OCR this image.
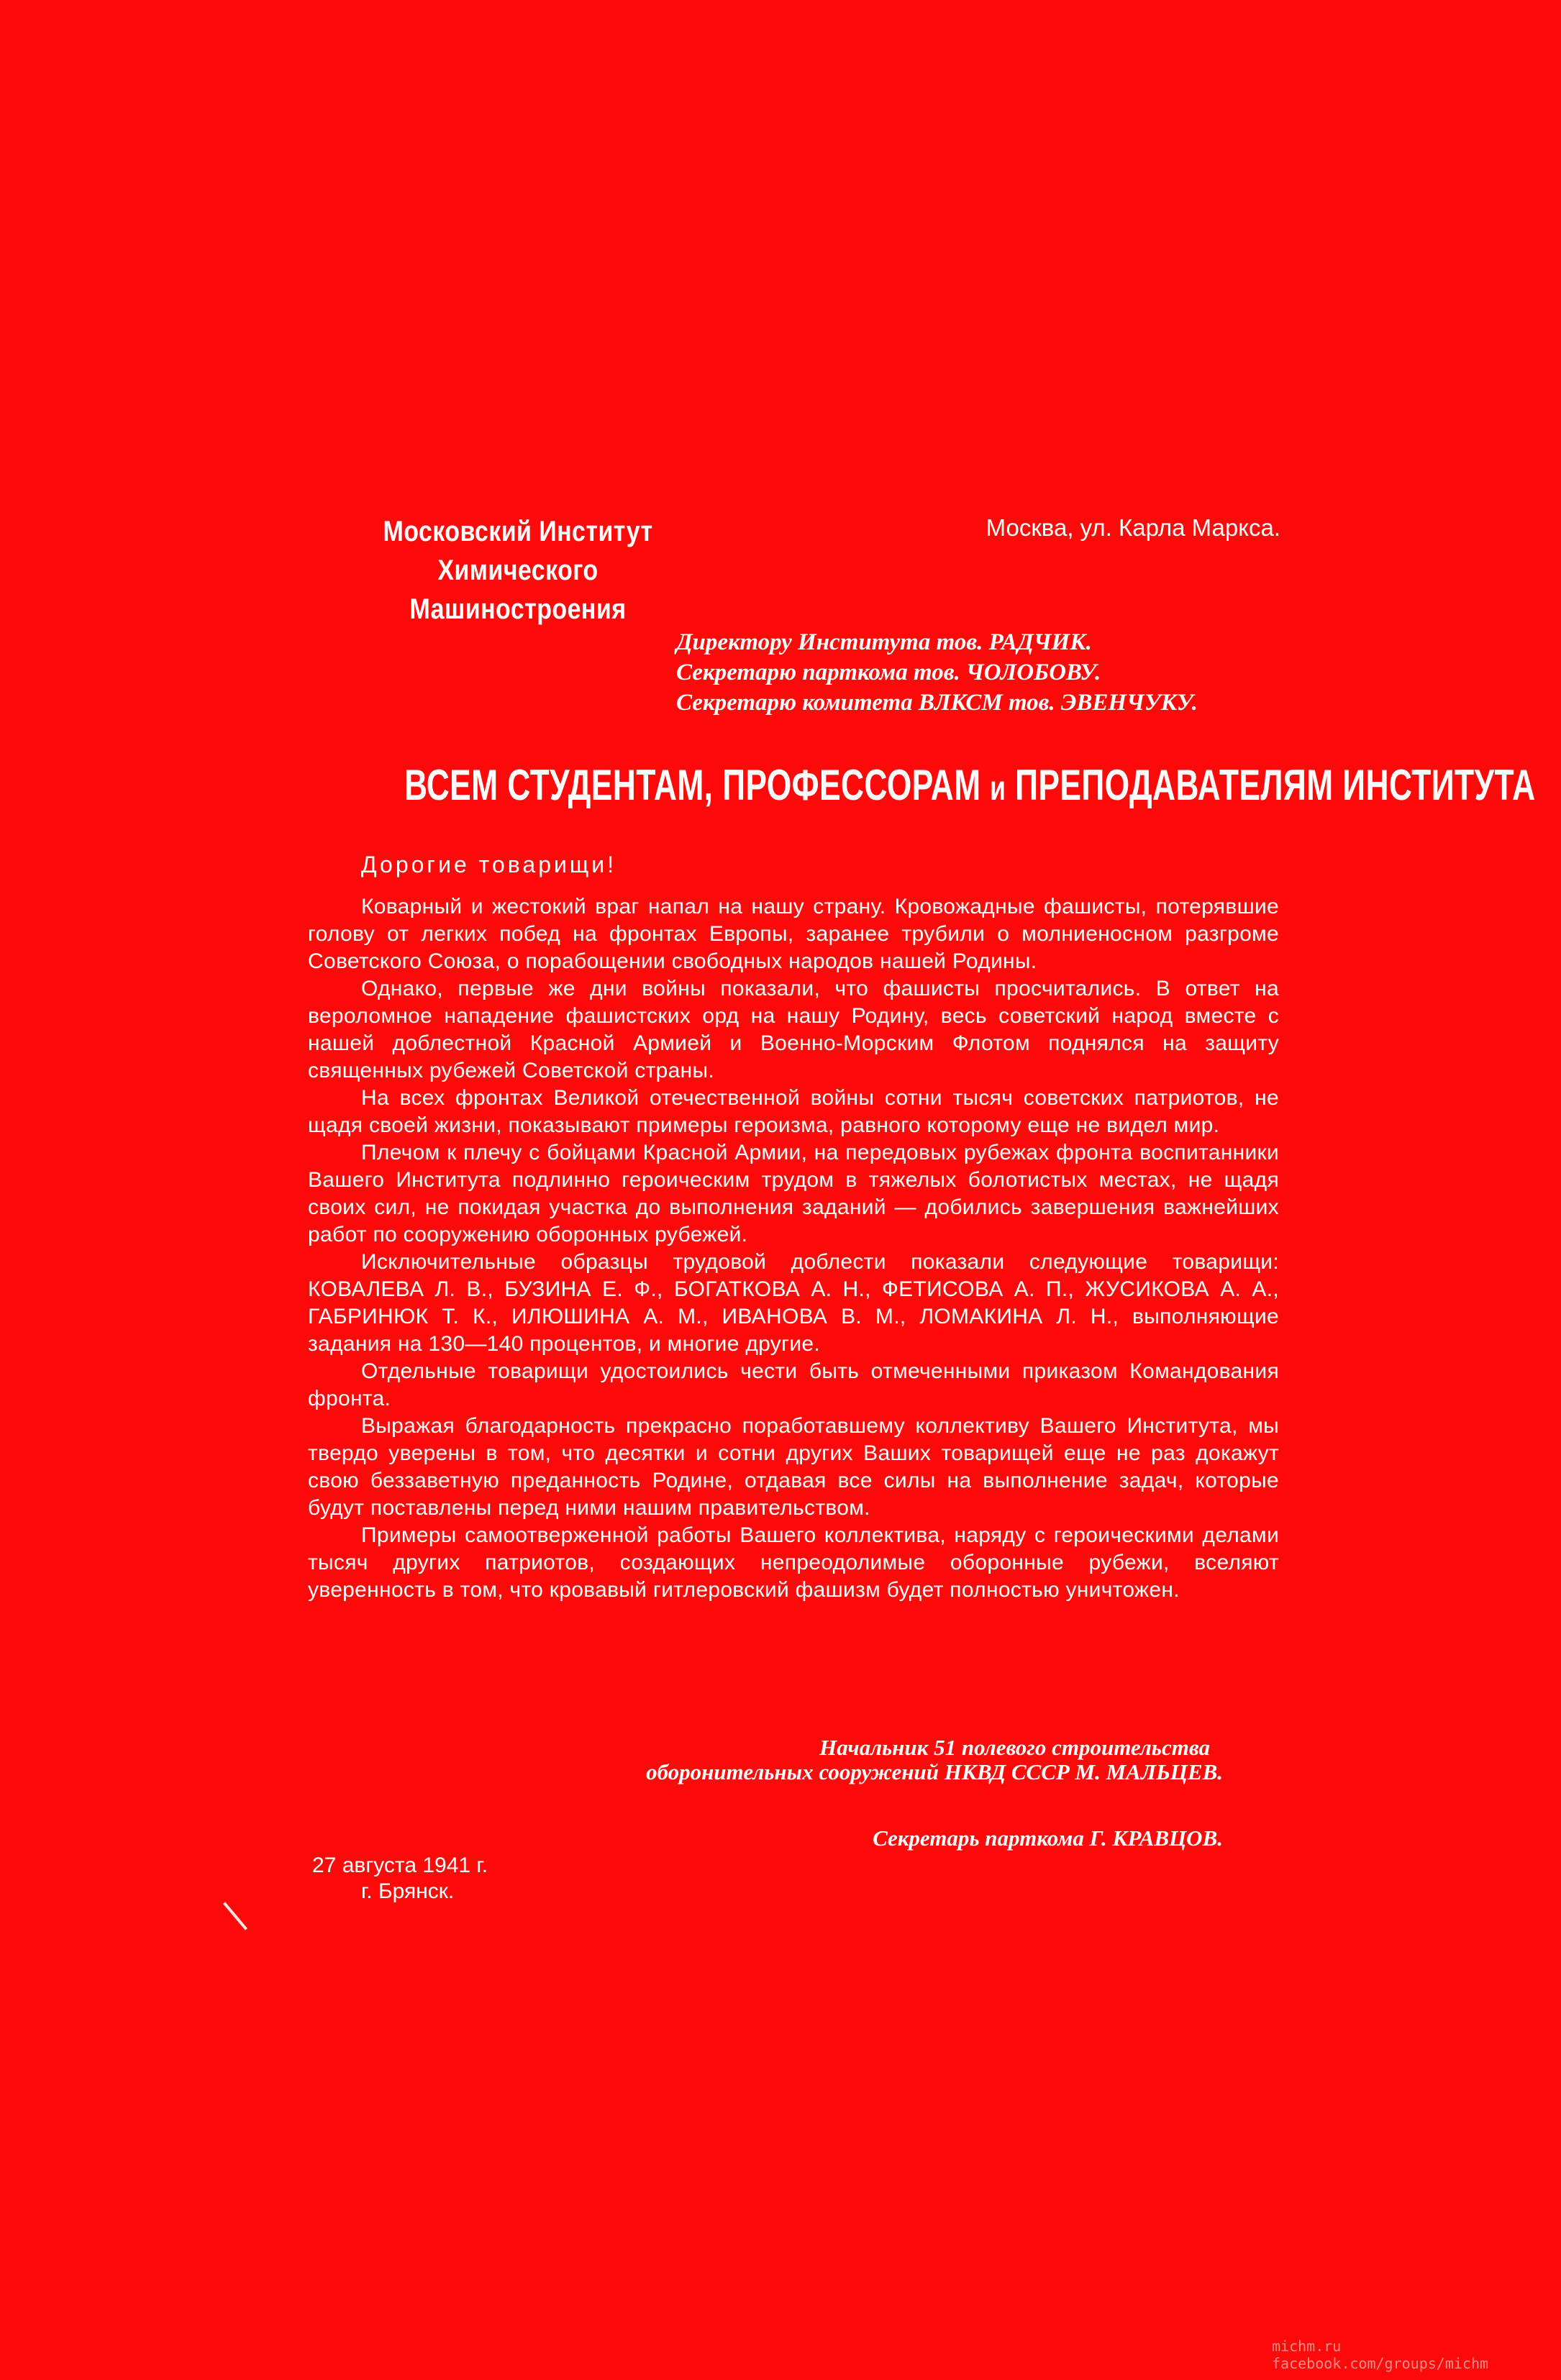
Московский Институт Химического
Машиностроения
Москва, ул. Карла Маркса.
Директору Института тов. РАДЧИК.
Секретарю парткома тов. ЧОЛОБОВУ.
Секретарю комитета ВЛКСМ тов. ЭВЕНЧУКУ.
ВСЕМ СТУДЕНТАМ, ПРОФЕССОРАМ и ПРЕПОДАВАТЕЛЯМ ИНСТИТУТА
Дорогие товарищи!

Коварный и жестокий враг напал на нашу страну. Кровожадные фашисты, потерявшие голову от легких побед на фронтах Европы, заранее трубили о молниеносном разгроме Советского Союза, о порабощении свободных народов нашей Родины.

Однако, первые же дни войны показали, что фашисты просчитались. В ответ на вероломное нападение фашистских орд на нашу Родину, весь советский народ вместе с нашей доблестной Красной Армией и Военно-Морским Флотом поднялся на защиту священных рубежей Советской страны.

На всех фронтах Великой отечественной войны сотни тысяч советских патриотов, не щадя своей жизни, показывают примеры героизма, равного которому еще не видел мир.

Плечом к плечу с бойцами Красной Армии, на передовых рубежах фронта воспитанники Вашего Института подлинно героическим трудом в тяжелых болотистых местах, не щадя своих сил, не покидая участка до выполнения заданий — добились завершения важнейших работ по сооружению оборонных рубежей.

Исключительные образцы трудовой доблести показали следующие товарищи: КОВАЛЕВА Л. В., БУЗИНА Е. Ф., БОГАТКОВА А. Н., ФЕТИСОВА А. П., ЖУСИКОВА А. А., ГАБРИНЮК Т. К., ИЛЮШИНА А. М., ИВАНОВА В. М., ЛОМАКИНА Л. Н., выполняющие задания на 130—140 процентов, и многие другие.

Отдельные товарищи удостоились чести быть отмеченными приказом Командования фронта.

Выражая благодарность прекрасно поработавшему коллективу Вашего Института, мы твердо уверены в том, что десятки и сотни других Ваших товарищей еще не раз докажут свою беззаветную преданность Родине, отдавая все силы на выполнение задач, которые будут поставлены перед ними нашим правительством.

Примеры самоотверженной работы Вашего коллектива, наряду с героическими делами тысяч других патриотов, создающих непреодолимые оборонные рубежи, вселяют уверенность в том, что кровавый гитлеровский фашизм будет полностью уничтожен.

Начальник 51 полевого строительства
оборонительных сооружений НКВД СССР М. МАЛЬЦЕВ.
Секретарь парткома Г. КРАВЦОВ.
27 августа 1941 г.
г. Брянск.
michm.ru
facebook.com/groups/michm
